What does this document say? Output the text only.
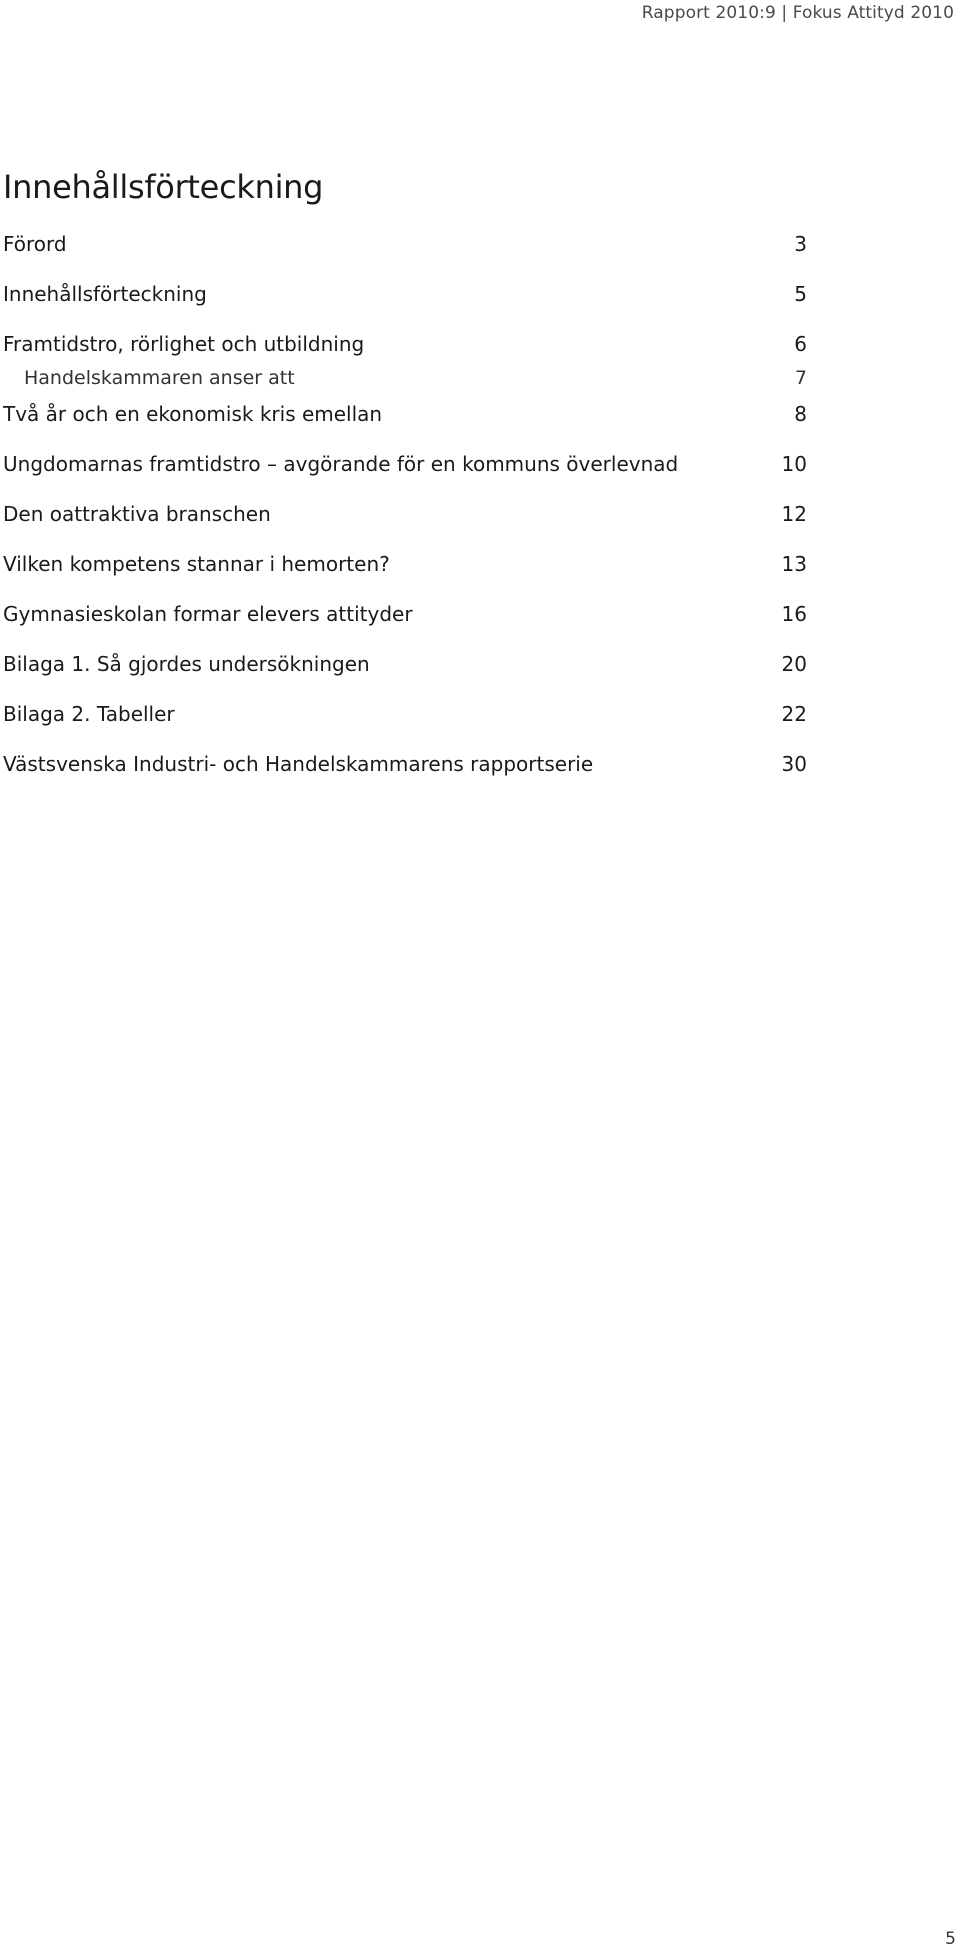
Rapport 2010:9 | Fokus Attityd 2010
Innehållsförteckning
Förord	3
Innehållsförteckning	5
Framtidstro, rörlighet och utbildning	6
Handelskammaren anser att	7
Två år och en ekonomisk kris emellan	8
Ungdomarnas framtidstro – avgörande för en kommuns överlevnad	10
Den oattraktiva branschen	12
Vilken kompetens stannar i hemorten?	13
Gymnasieskolan formar elevers attityder	16
Bilaga 1. Så gjordes undersökningen	20
Bilaga 2. Tabeller	22
Västsvenska Industri- och Handelskammarens rapportserie	30
5
